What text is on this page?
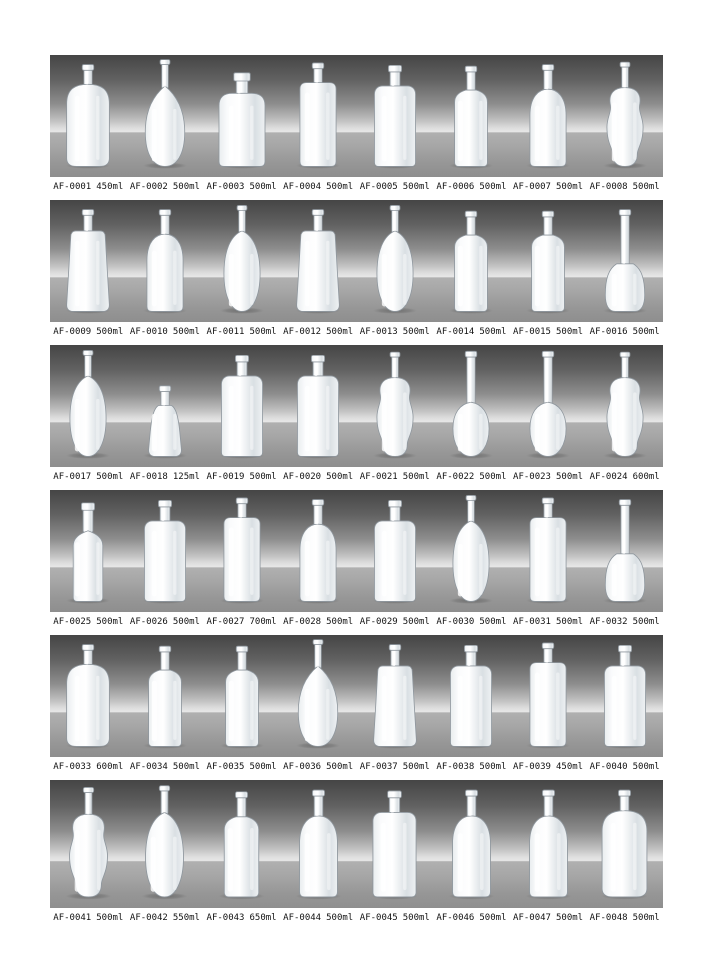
AF-0001 450ml AF-0002 500ml AF-0003 500ml AF-0004 500ml AF-0005 500ml AF-0006 500ml AF-0007 500ml AF-0008 500ml
AF-0009 500ml AF-0010 500ml AF-0011 500ml AF-0012 500ml AF-0013 500ml AF-0014 500ml AF-0015 500ml AF-0016 500ml
AF-0017 500ml AF-0018 125ml AF-0019 500ml AF-0020 500ml AF-0021 500ml AF-0022 500ml AF-0023 500ml AF-0024 600ml
AF-0025 500ml AF-0026 500ml AF-0027 700ml AF-0028 500ml AF-0029 500ml AF-0030 500ml AF-0031 500ml AF-0032 500ml
AF-0033 600ml AF-0034 500ml AF-0035 500ml AF-0036 500ml AF-0037 500ml AF-0038 500ml AF-0039 450ml AF-0040 500ml
AF-0041 500ml AF-0042 550ml AF-0043 650ml AF-0044 500ml AF-0045 500ml AF-0046 500ml AF-0047 500ml AF-0048 500ml
